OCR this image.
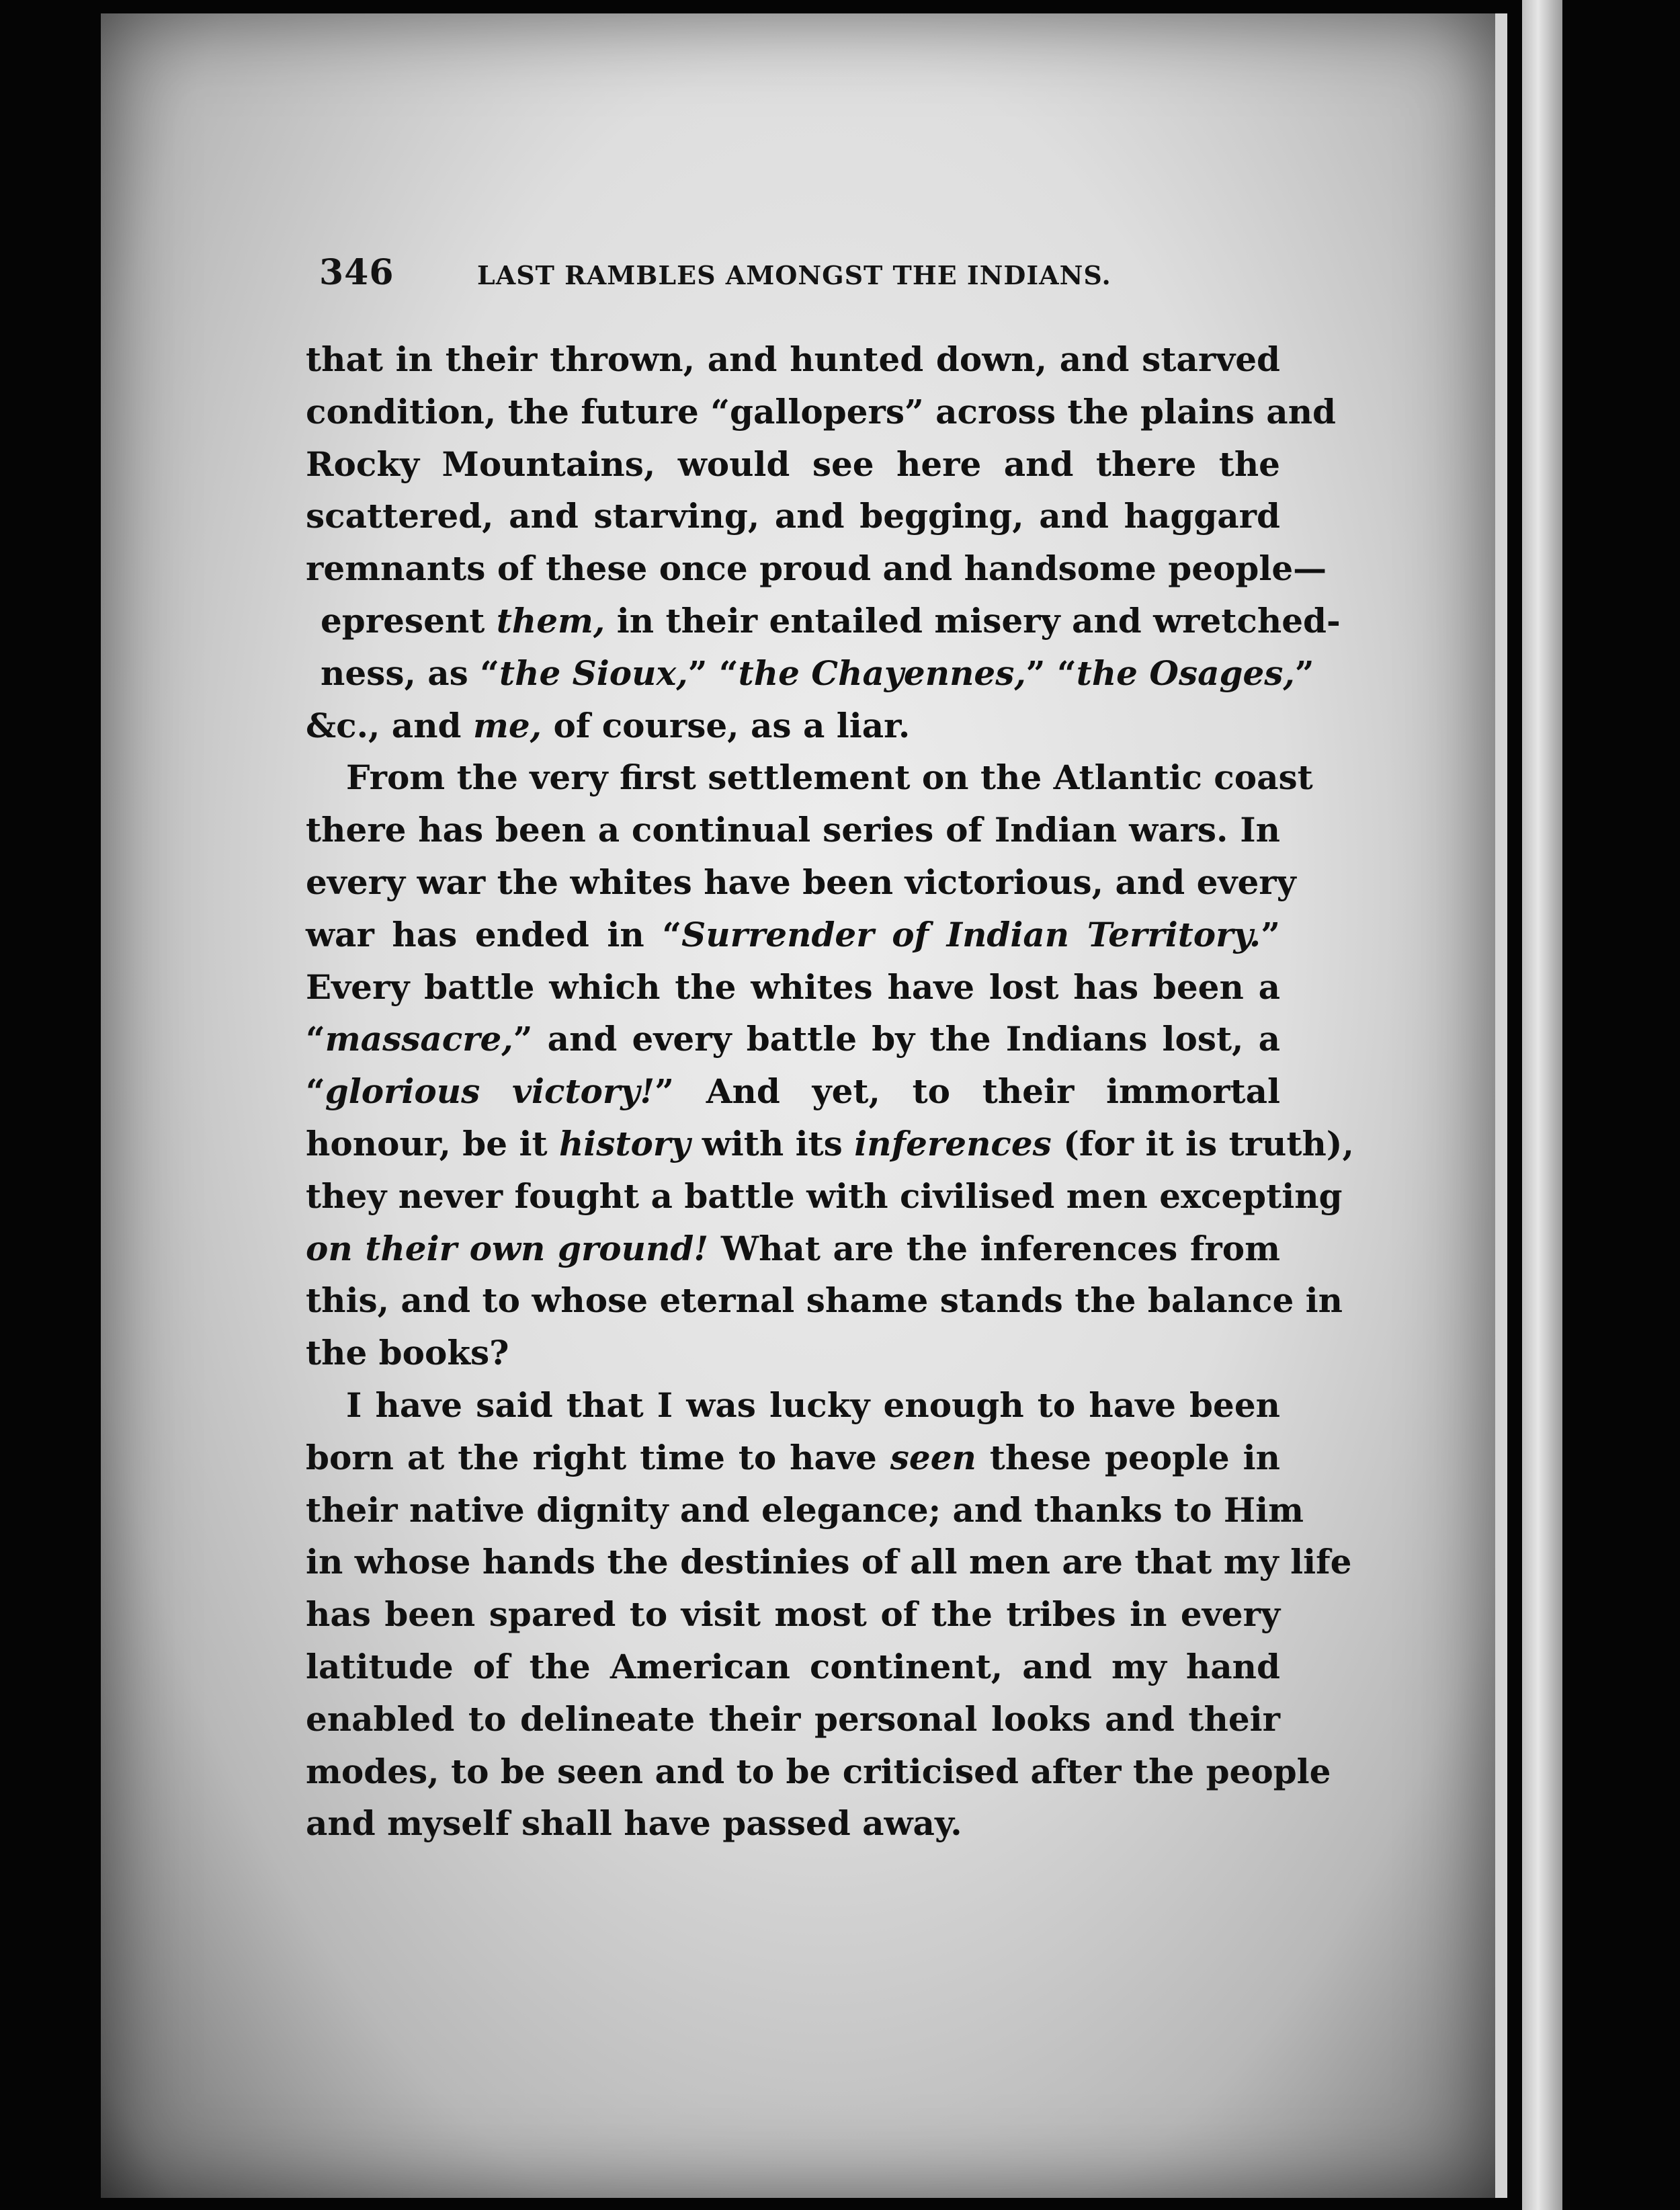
346	LAST RAMBLES AMONGST THE INDIANS.
that in their thrown, and hunted down, and starved
condition, the future “gallopers” across the plains and
Rocky Mountains, would see here and there the
scattered, and starving, and begging, and haggard
remnants of these once proud and handsome people—
epresent them, in their entailed misery and wretched-
ness, as “the Sioux,” “the Chayennes,” “the Osages,”
&c., and me, of course, as a liar.
From the very first settlement on the Atlantic coast
there has been a continual series of Indian wars. In
every war the whites have been victorious, and every
war has ended in “Surrender of Indian Territory.”
Every battle which the whites have lost has been a
“massacre,” and every battle by the Indians lost, a
“glorious victory!” And yet, to their immortal
honour, be it history with its inferences (for it is truth),
they never fought a battle with civilised men excepting
on their own ground! What are the inferences from
this, and to whose eternal shame stands the balance in
the books?
I have said that I was lucky enough to have been
born at the right time to have seen these people in
their native dignity and elegance; and thanks to Him
in whose hands the destinies of all men are that my life
has been spared to visit most of the tribes in every
latitude of the American continent, and my hand
enabled to delineate their personal looks and their
modes, to be seen and to be criticised after the people
and myself shall have passed away.
